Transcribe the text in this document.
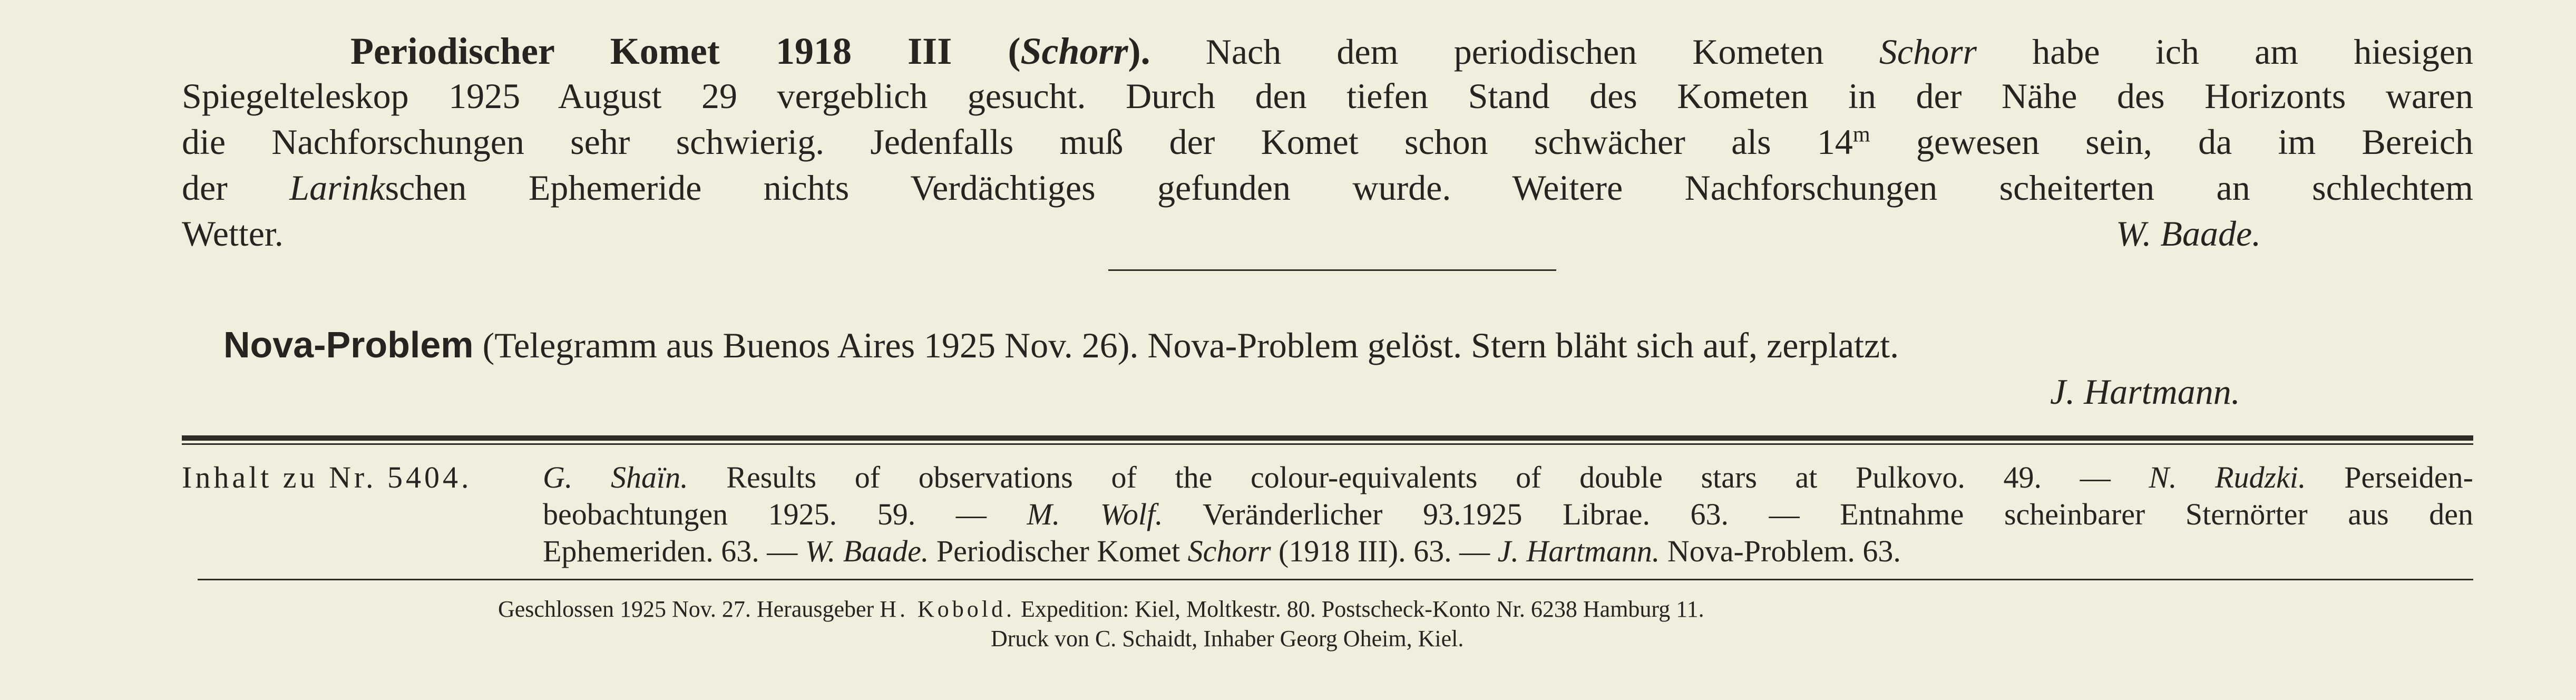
Periodischer Komet 1918 III (Schorr). Nach dem periodischen Kometen Schorr habe ich am hiesigen
Spiegelteleskop 1925 August 29 vergeblich gesucht. Durch den tiefen Stand des Kometen in der Nähe des Horizonts waren
die Nachforschungen sehr schwierig. Jedenfalls muß der Komet schon schwächer als 14$^m$ gewesen sein, da im Bereich
der Larinkschen Ephemeride nichts Verdächtiges gefunden wurde. Weitere Nachforschungen scheiterten an schlechtem
Wetter.	W. Baade.
Nova-Problem (Telegramm aus Buenos Aires 1925 Nov. 26). Nova-Problem gelöst. Stern bläht sich auf, zerplatzt.
J. Hartmann.
Inhalt zu Nr. 5404. G. Shaïn. Results of observations of the colour-equivalents of double stars at Pulkovo. 49. — N. Rudzki. Perseiden-
beobachtungen 1925. 59. — M. Wolf. Veränderlicher 93.1925 Librae. 63. — Entnahme scheinbarer Sternörter aus den
Ephemeriden. 63. — W. Baade. Periodischer Komet Schorr (1918 III). 63. — J. Hartmann. Nova-Problem. 63.
Geschlossen 1925 Nov. 27. Herausgeber H. Kobold. Expedition: Kiel, Moltkestr. 80. Postscheck-Konto Nr. 6238 Hamburg 11.
Druck von C. Schaidt, Inhaber Georg Oheim, Kiel.
